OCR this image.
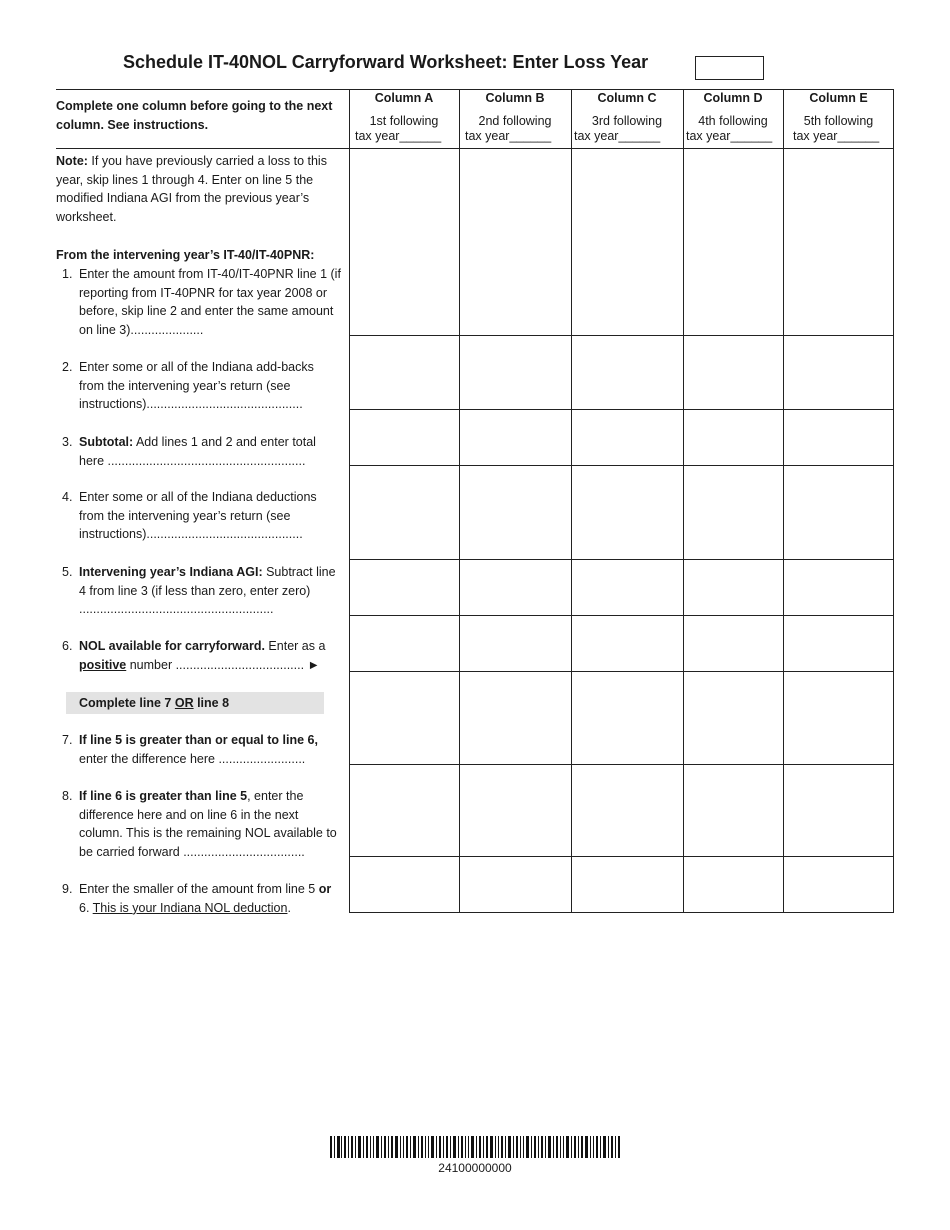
Schedule IT-40NOL Carryforward Worksheet: Enter Loss Year
Complete one column before going to the next column. See instructions.
Column A
1st following
tax year______
Column B
2nd following
tax year______
Column C
3rd following
tax year______
Column D
4th following
tax year______
Column E
5th following
tax year______
Note: If you have previously carried a loss to this year, skip lines 1 through 4. Enter on line 5 the modified Indiana AGI from the previous year’s worksheet.
From the intervening year’s IT-40/IT-40PNR:
1. Enter the amount from IT-40/IT-40PNR line 1 (if reporting from IT-40PNR for tax year 2008 or before, skip line 2 and enter the same amount on line 3).....................
2. Enter some or all of the Indiana add-backs from the intervening year’s return (see instructions).............................................
3. Subtotal: Add lines 1 and 2 and enter total here .........................................................
4. Enter some or all of the Indiana deductions from the intervening year’s return (see instructions).............................................
5. Intervening year’s Indiana AGI: Subtract line 4 from line 3 (if less than zero, enter zero) ........................................................
6. NOL available for carryforward. Enter as a positive number ..................................... ►
7. If line 5 is greater than or equal to line 6,
enter the difference here .........................
8. If line 6 is greater than line 5, enter the difference here and on line 6 in the next column. This is the remaining NOL available to be carried forward ...................................
9. Enter the smaller of the amount from line 5 or 6. This is your Indiana NOL deduction.
Complete line 7 OR line 8
24100000000
